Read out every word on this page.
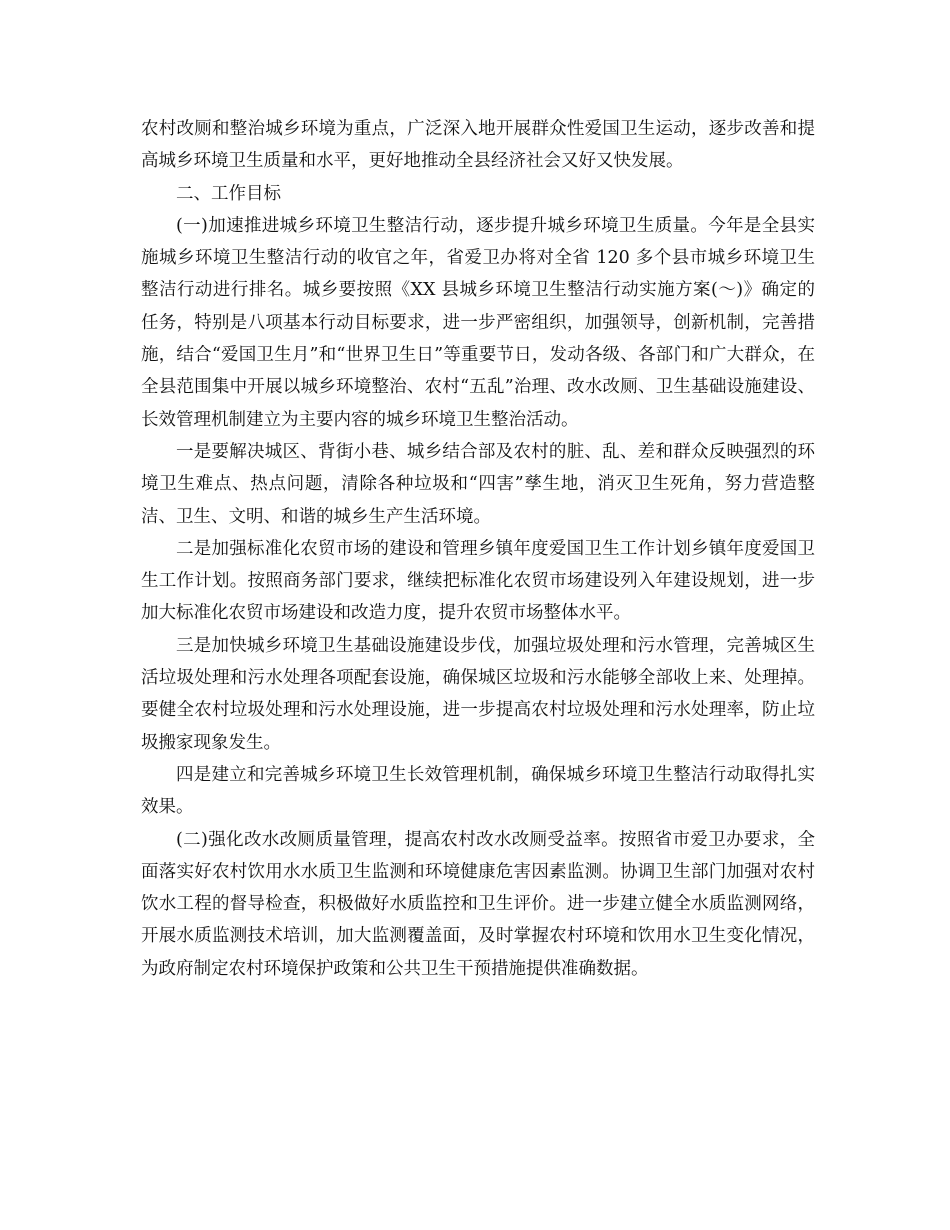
农村改厕和整治城乡环境为重点，广泛深入地开展群众性爱国卫生运动，逐步改善和提高城乡环境卫生质量和水平，更好地推动全县经济社会又好又快发展。

二、工作目标

(一)加速推进城乡环境卫生整洁行动，逐步提升城乡环境卫生质量。今年是全县实施城乡环境卫生整洁行动的收官之年，省爱卫办将对全省 120 多个县市城乡环境卫生整洁行动进行排名。城乡要按照《XX 县城乡环境卫生整洁行动实施方案(～)》确定的任务，特别是八项基本行动目标要求，进一步严密组织，加强领导，创新机制，完善措施，结合“爱国卫生月”和“世界卫生日”等重要节日，发动各级、各部门和广大群众，在全县范围集中开展以城乡环境整治、农村“五乱”治理、改水改厕、卫生基础设施建设、长效管理机制建立为主要内容的城乡环境卫生整治活动。

一是要解决城区、背街小巷、城乡结合部及农村的脏、乱、差和群众反映强烈的环境卫生难点、热点问题，清除各种垃圾和“四害”孳生地，消灭卫生死角，努力营造整洁、卫生、文明、和谐的城乡生产生活环境。

二是加强标准化农贸市场的建设和管理乡镇年度爱国卫生工作计划乡镇年度爱国卫生工作计划。按照商务部门要求，继续把标准化农贸市场建设列入年建设规划，进一步加大标准化农贸市场建设和改造力度，提升农贸市场整体水平。

三是加快城乡环境卫生基础设施建设步伐，加强垃圾处理和污水管理，完善城区生活垃圾处理和污水处理各项配套设施，确保城区垃圾和污水能够全部收上来、处理掉。要健全农村垃圾处理和污水处理设施，进一步提高农村垃圾处理和污水处理率，防止垃圾搬家现象发生。

四是建立和完善城乡环境卫生长效管理机制，确保城乡环境卫生整洁行动取得扎实效果。

(二)强化改水改厕质量管理，提高农村改水改厕受益率。按照省市爱卫办要求，全面落实好农村饮用水水质卫生监测和环境健康危害因素监测。协调卫生部门加强对农村饮水工程的督导检查，积极做好水质监控和卫生评价。进一步建立健全水质监测网络，开展水质监测技术培训，加大监测覆盖面，及时掌握农村环境和饮用水卫生变化情况，为政府制定农村环境保护政策和公共卫生干预措施提供准确数据。
